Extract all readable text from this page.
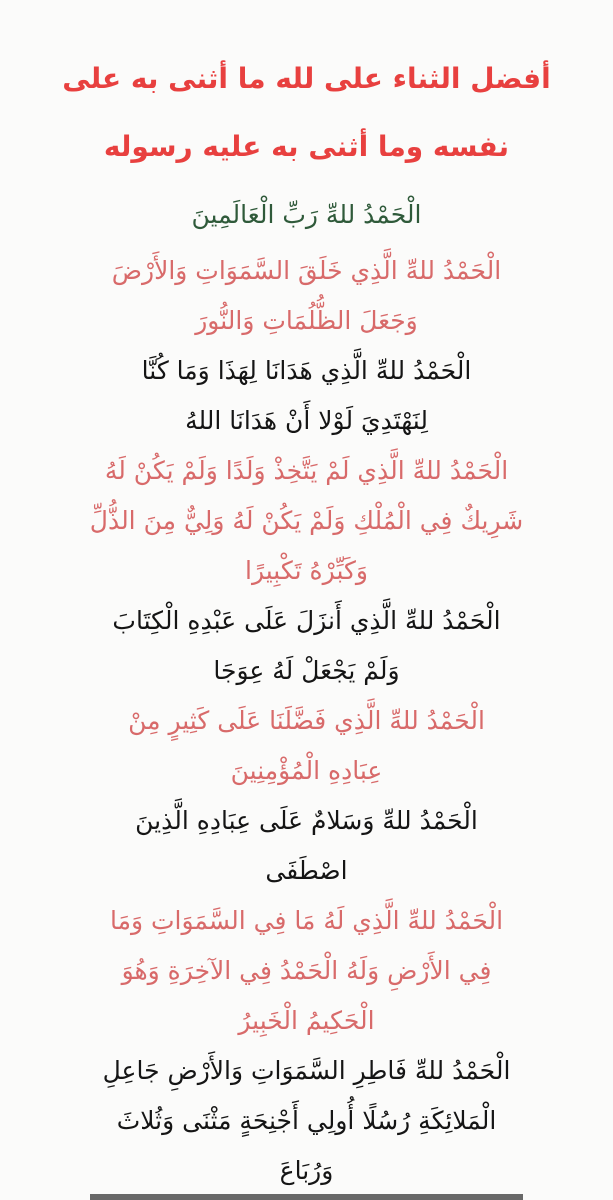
أفضل الثناء على لله ما أثنى به على

نفسه وما أثنى به عليه رسوله

الْحَمْدُ للهِّ رَبِّ الْعَالَمِينَ

الْحَمْدُ للهِّ الَّذِي خَلَقَ السَّمَوَاتِ وَالأَرْضَ
وَجَعَلَ الظُّلُمَاتِ وَالنُّورَ

الْحَمْدُ للهِّ الَّذِي هَدَانَا لِهَذَا وَمَا كُنَّا
لِنَهْتَدِيَ لَوْلا أَنْ هَدَانَا اللهُ

الْحَمْدُ للهِّ الَّذِي لَمْ يَتَّخِذْ وَلَدًا وَلَمْ يَكُنْ لَهُ
شَرِيكٌ فِي الْمُلْكِ وَلَمْ يَكُنْ لَهُ وَلِيٌّ مِنَ الذُّلِّ
وَكَبِّرْهُ تَكْبِيرًا

الْحَمْدُ للهِّ الَّذِي أَنزَلَ عَلَى عَبْدِهِ الْكِتَابَ
وَلَمْ يَجْعَلْ لَهُ عِوَجَا

الْحَمْدُ للهِّ الَّذِي فَضَّلَنَا عَلَى كَثِيرٍ مِنْ
عِبَادِهِ الْمُؤْمِنِينَ

الْحَمْدُ للهِّ وَسَلامٌ عَلَى عِبَادِهِ الَّذِينَ
اصْطَفَى

الْحَمْدُ للهِّ الَّذِي لَهُ مَا فِي السَّمَوَاتِ وَمَا
فِي الأَرْضِ وَلَهُ الْحَمْدُ فِي الآخِرَةِ وَهُوَ
الْحَكِيمُ الْخَبِيرُ

الْحَمْدُ للهِّ فَاطِرِ السَّمَوَاتِ وَالأَرْضِ جَاعِلِ
الْمَلائِكَةِ رُسُلًا أُولِي أَجْنِحَةٍ مَثْنَى وَثُلاثَ
وَرُبَاعَ
